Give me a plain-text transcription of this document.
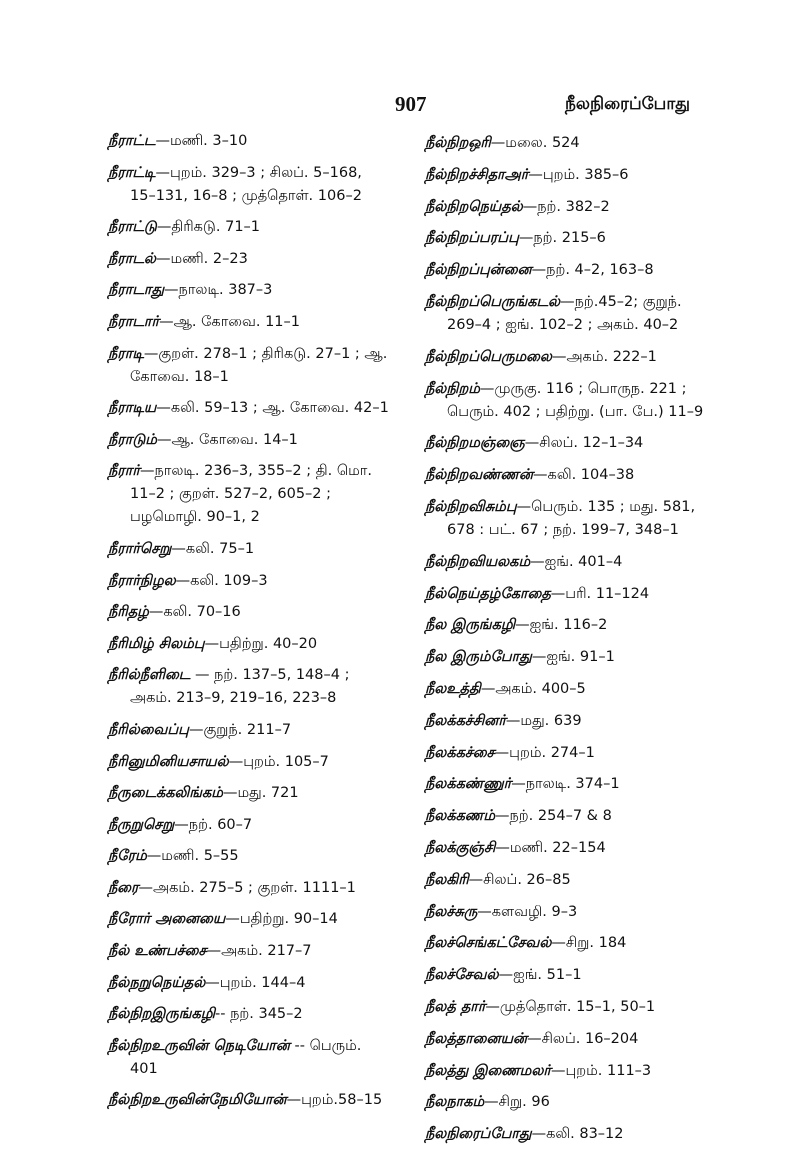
907	நீலநிரைப்போது

நீராட்ட—மணி. 3–10

நீராட்டி—புறம். 329–3 ; சிலப். 5–168, 15–131, 16–8 ; முத்தொள். 106–2

நீராட்டு—திரிகடு. 71–1

நீராடல்—மணி. 2–23

நீராடாது—நாலடி. 387–3

நீராடார்—ஆ. கோவை. 11–1

நீராடி—குறள். 278–1 ; திரிகடு. 27–1 ; ஆ. கோவை. 18–1

நீராடிய—கலி. 59–13 ; ஆ. கோவை. 42–1

நீராடும்—ஆ. கோவை. 14–1

நீரார்—நாலடி. 236–3, 355–2 ; தி. மொ. 11–2 ; குறள். 527–2, 605–2 ; பழமொழி. 90–1, 2

நீரார்செறு—கலி. 75–1

நீரார்நிழல—கலி. 109–3

நீரிதழ்—கலி. 70–16

நீரிமிழ் சிலம்பு—பதிற்று. 40–20

நீரில்நீளிடை — நற். 137–5, 148–4 ; அகம். 213–9, 219–16, 223–8

நீரில்வைப்பு—குறுந். 211–7

நீரினுமினியசாயல்—புறம். 105–7

நீருடைக்கலிங்கம்—மது. 721

நீருறுசெறு—நற். 60–7

நீரேம்—மணி. 5–55

நீரை—அகம். 275–5 ; குறள். 1111–1

நீரோர் அனையை—பதிற்று. 90–14

நீல் உண்பச்சை—அகம். 217–7

நீல்நறுநெய்தல்—புறம். 144–4

நீல்நிறஇருங்கழி-- நற். 345–2

நீல்நிறஉருவின் நெடியோன் -- பெரும். 401

நீல்நிறஉருவின்நேமியோன்—புறம்.58–15

நீல்நிறஒரி—மலை. 524

நீல்நிறச்சிதாஅர்—புறம். 385–6

நீல்நிறநெய்தல்—நற். 382–2

நீல்நிறப்பரப்பு—நற். 215–6

நீல்நிறப்புன்னை—நற். 4–2, 163–8

நீல்நிறப்பெருங்கடல்—நற்.45–2; குறுந். 269–4 ; ஐங். 102–2 ; அகம். 40–2

நீல்நிறப்பெருமலை—அகம். 222–1

நீல்நிறம்—முருகு. 116 ; பொருந. 221 ; பெரும். 402 ; பதிற்று. (பா. பே.) 11–9

நீல்நிறமஞ்ஞை—சிலப். 12–1–34

நீல்நிறவண்ணன்—கலி. 104–38

நீல்நிறவிசும்பு—பெரும். 135 ; மது. 581, 678 : பட். 67 ; நற். 199–7, 348–1

நீல்நிறவியலகம்—ஐங். 401–4

நீல்நெய்தழ்கோதை—பரி. 11–124

நீல இருங்கழி—ஐங். 116–2

நீல இரும்போது—ஐங். 91–1

நீலஉத்தி—அகம். 400–5

நீலக்கச்சினர்—மது. 639

நீலக்கச்சை—புறம். 274–1

நீலக்கண்ணுர்—நாலடி. 374–1

நீலக்கணம்—நற். 254–7 & 8

நீலக்குஞ்சி—மணி. 22–154

நீலகிரி—சிலப். 26–85

நீலச்சுரு—களவழி. 9–3

நீலச்செங்கட்சேவல்—சிறு. 184

நீலச்சேவல்—ஐங். 51–1

நீலத் தார்—முத்தொள். 15–1, 50–1

நீலத்தானையன்—சிலப். 16–204

நீலத்து இணைமலர்—புறம். 111–3

நீலநாகம்—சிறு. 96

நீலநிரைப்போது—கலி. 83–12
